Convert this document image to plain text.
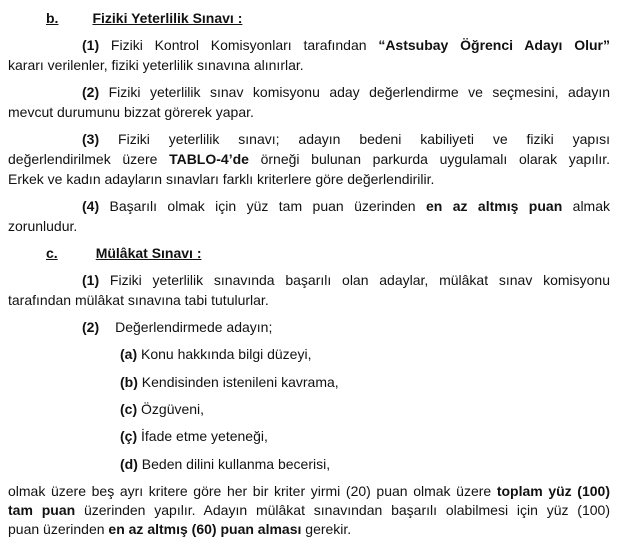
b. Fiziki Yeterlilik Sınavı :
(1) Fiziki Kontrol Komisyonları tarafından “Astsubay Öğrenci Adayı Olur”
kararı verilenler, fiziki yeterlilik sınavına alınırlar.
(2) Fiziki yeterlilik sınav komisyonu aday değerlendirme ve seçmesini, adayın
mevcut durumunu bizzat görerek yapar.
(3) Fiziki yeterlilik sınavı; adayın bedeni kabiliyeti ve fiziki yapısı
değerlendirilmek üzere TABLO-4’de örneği bulunan parkurda uygulamalı olarak yapılır.
Erkek ve kadın adayların sınavları farklı kriterlere göre değerlendirilir.
(4) Başarılı olmak için yüz tam puan üzerinden en az altmış puan almak
zorunludur.
c.	Mülâkat Sınavı :
(1) Fiziki yeterlilik sınavında başarılı olan adaylar, mülâkat sınav komisyonu
tarafından mülâkat sınavına tabi tutulurlar.
(2) Değerlendirmede adayın;
(a) Konu hakkında bilgi düzeyi,
(b) Kendisinden istenileni kavrama,
(c) Özgüveni,
(ç) İfade etme yeteneği,
(d) Beden dilini kullanma becerisi,
olmak üzere beş ayrı kritere göre her bir kriter yirmi (20) puan olmak üzere toplam yüz (100)
tam puan üzerinden yapılır. Adayın mülâkat sınavından başarılı olabilmesi için yüz (100)
puan üzerinden en az altmış (60) puan alması gerekir.
